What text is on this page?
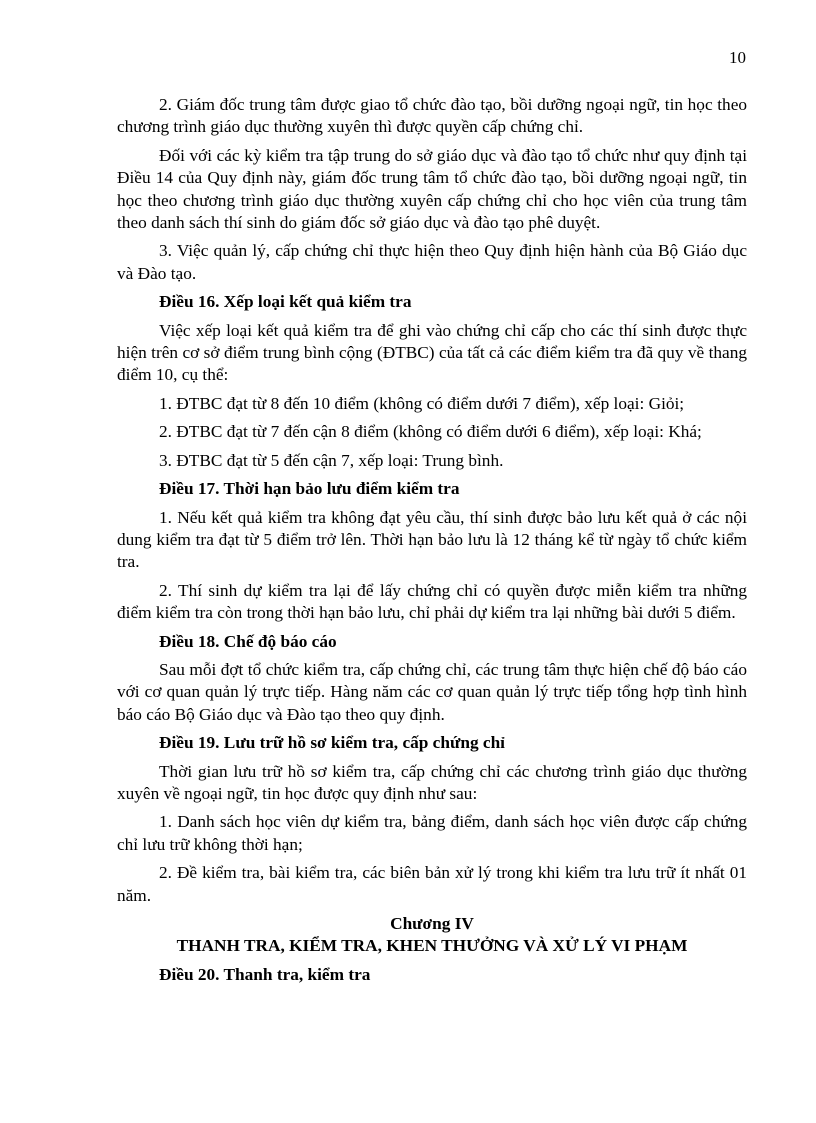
10

2. Giám đốc trung tâm được giao tổ chức đào tạo, bồi dưỡng ngoại ngữ, tin học theo chương trình giáo dục thường xuyên thì được quyền cấp chứng chỉ.

Đối với các kỳ kiểm tra tập trung do sở giáo dục và đào tạo tổ chức như quy định tại Điều 14 của Quy định này, giám đốc trung tâm tổ chức đào tạo, bồi dưỡng ngoại ngữ, tin học theo chương trình giáo dục thường xuyên cấp chứng chỉ cho học viên của trung tâm theo danh sách thí sinh do giám đốc sở giáo dục và đào tạo phê duyệt.

3. Việc quản lý, cấp chứng chỉ thực hiện theo Quy định hiện hành của Bộ Giáo dục và Đào tạo.

Điều 16. Xếp loại kết quả kiểm tra

Việc xếp loại kết quả kiểm tra để ghi vào chứng chỉ cấp cho các thí sinh được thực hiện trên cơ sở điểm trung bình cộng (ĐTBC) của tất cả các điểm kiểm tra đã quy về thang điểm 10, cụ thể:

1. ĐTBC đạt từ 8 đến 10 điểm (không có điểm dưới 7 điểm), xếp loại: Giỏi;

2. ĐTBC đạt từ 7 đến cận 8 điểm (không có điểm dưới 6 điểm), xếp loại: Khá;

3. ĐTBC đạt từ 5 đến cận 7, xếp loại: Trung bình.

Điều 17. Thời hạn bảo lưu điểm kiểm tra

1. Nếu kết quả kiểm tra không đạt yêu cầu, thí sinh được bảo lưu kết quả ở các nội dung kiểm tra đạt từ 5 điểm trở lên. Thời hạn bảo lưu là 12 tháng kể từ ngày tổ chức kiểm tra.

2. Thí sinh dự kiểm tra lại để lấy chứng chỉ có quyền được miễn kiểm tra những điểm kiểm tra còn trong thời hạn bảo lưu, chỉ phải dự kiểm tra lại những bài dưới 5 điểm.

Điều 18. Chế độ báo cáo

Sau mỗi đợt tổ chức kiểm tra, cấp chứng chỉ, các trung tâm thực hiện chế độ báo cáo với cơ quan quản lý trực tiếp. Hàng năm các cơ quan quản lý trực tiếp tổng hợp tình hình báo cáo Bộ Giáo dục và Đào tạo theo quy định.

Điều 19. Lưu trữ hồ sơ kiểm tra, cấp chứng chỉ

Thời gian lưu trữ hồ sơ kiểm tra, cấp chứng chỉ các chương trình giáo dục thường xuyên về ngoại ngữ, tin học được quy định như sau:

1. Danh sách học viên dự kiểm tra, bảng điểm, danh sách học viên được cấp chứng chỉ lưu trữ không thời hạn;

2. Đề kiểm tra, bài kiểm tra, các biên bản xử lý trong khi kiểm tra lưu trữ ít nhất 01 năm.

Chương IV

THANH TRA, KIỂM TRA, KHEN THƯỞNG VÀ XỬ LÝ VI PHẠM

Điều 20. Thanh tra, kiểm tra
